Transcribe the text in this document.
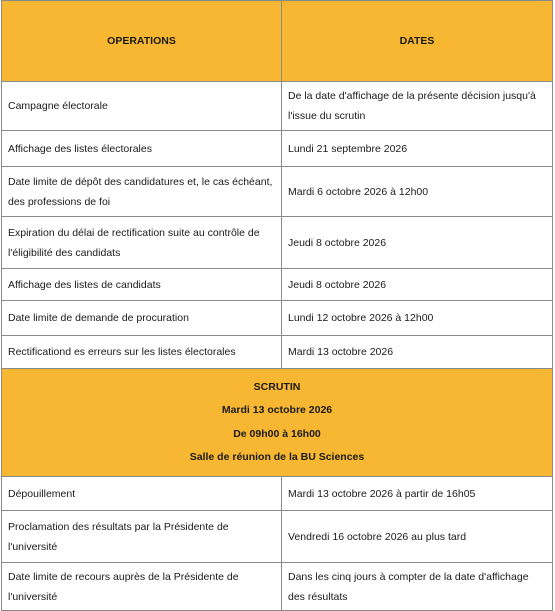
OPERATIONS	DATES
Campagne électorale	De la date d'affichage de la présente décision jusqu'à l'issue du scrutin
Affichage des listes électorales	Lundi 21 septembre 2026
Date limite de dépôt des candidatures et, le cas échéant, des professions de foi	Mardi 6 octobre 2026 à 12h00
Expiration du délai de rectification suite au contrôle de l'éligibilité des candidats	Jeudi 8 octobre 2026
Affichage des listes de candidats	Jeudi 8 octobre 2026
Date limite de demande de procuration	Lundi 12 octobre 2026 à 12h00
Rectificationd es erreurs sur les listes électorales	Mardi 13 octobre 2026

SCRUTIN
Mardi 13 octobre 2026
De 09h00 à 16h00
Salle de réunion de la BU Sciences	

Dépouillement	Mardi 13 octobre 2026 à partir de 16h05
Proclamation des résultats par la Présidente de l'université	Vendredi 16 octobre 2026 au plus tard
Date limite de recours auprès de la Présidente de l'université	Dans les cinq jours à compter de la date d'affichage des résultats
